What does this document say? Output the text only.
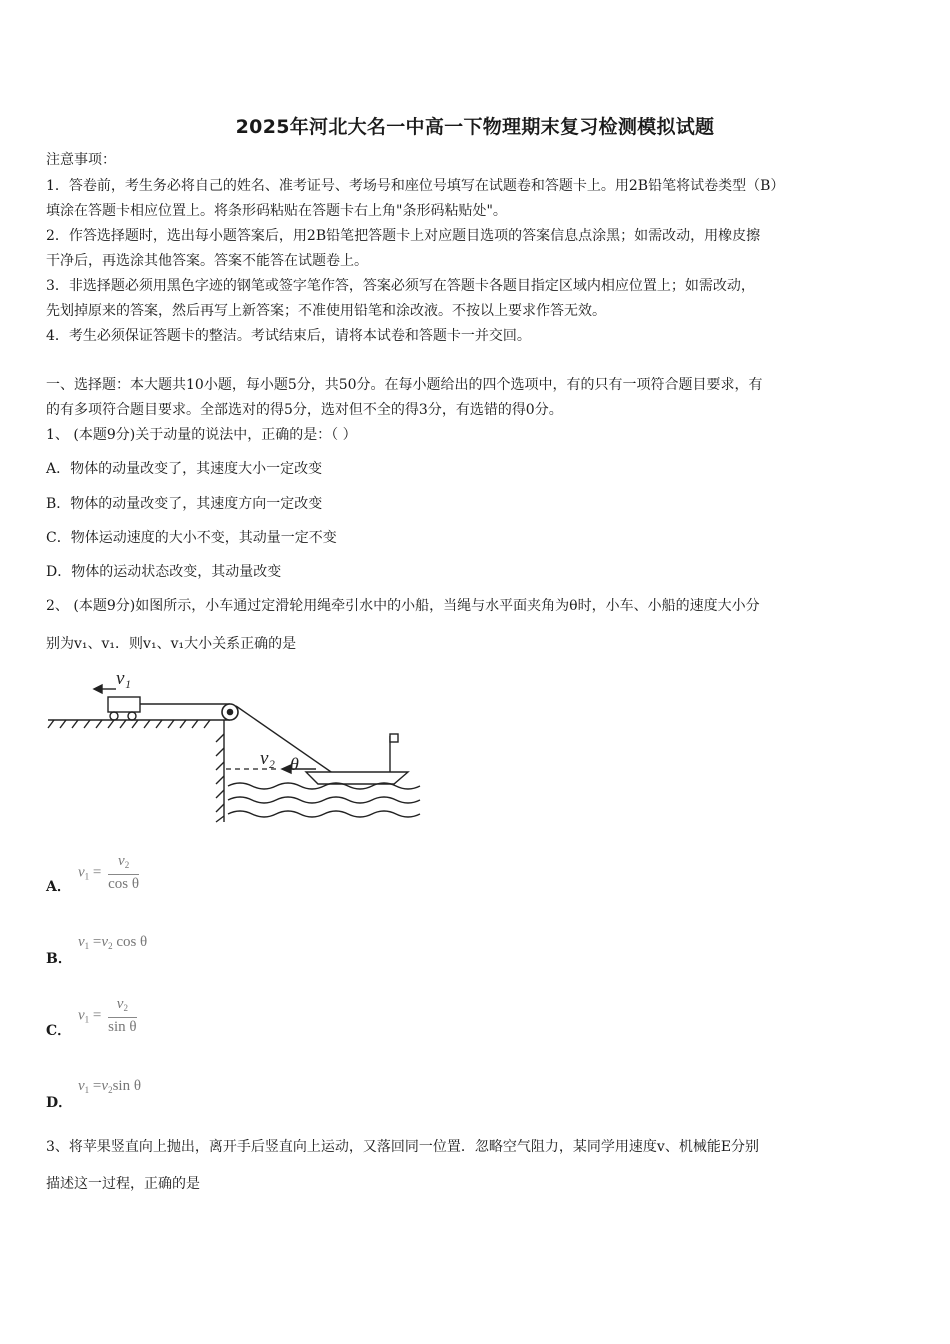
2025年河北大名一中高一下物理期末复习检测模拟试题
注意事项：
1．答卷前，考生务必将自己的姓名、准考证号、考场号和座位号填写在试题卷和答题卡上。用2B铅笔将试卷类型（B）
填涂在答题卡相应位置上。将条形码粘贴在答题卡右上角"条形码粘贴处"。
2．作答选择题时，选出每小题答案后，用2B铅笔把答题卡上对应题目选项的答案信息点涂黑；如需改动，用橡皮擦
干净后，再选涂其他答案。答案不能答在试题卷上。
3．非选择题必须用黑色字迹的钢笔或签字笔作答，答案必须写在答题卡各题目指定区域内相应位置上；如需改动，
先划掉原来的答案，然后再写上新答案；不准使用铅笔和涂改液。不按以上要求作答无效。
4．考生必须保证答题卡的整洁。考试结束后，请将本试卷和答题卡一并交回。
一、选择题：本大题共10小题，每小题5分，共50分。在每小题给出的四个选项中，有的只有一项符合题目要求，有
的有多项符合题目要求。全部选对的得5分，选对但不全的得3分，有选错的得0分。
1、 (本题9分)关于动量的说法中，正确的是：（ ）
A．物体的动量改变了，其速度大小一定改变
B．物体的动量改变了，其速度方向一定改变
C．物体运动速度的大小不变，其动量一定不变
D．物体的运动状态改变，其动量改变
2、 (本题9分)如图所示，小车通过定滑轮用绳牵引水中的小船，当绳与水平面夹角为θ时，小车、小船的速度大小分
别为v₁、v₁．则v₁、v₁大小关系正确的是
v₁
v₂ θ
A．
$v_1 = \frac{v_2}{\text{cos θ}}$
B．
$v_1 =v_2$ cos θ
C．
$v_1 = \frac{v_2}{\text{sin θ}}$
D．
$v_1 =v_2\sin$ θ
3、将苹果竖直向上抛出，离开手后竖直向上运动，又落回同一位置．忽略空气阻力，某同学用速度v、机械能E分别
描述这一过程，正确的是
